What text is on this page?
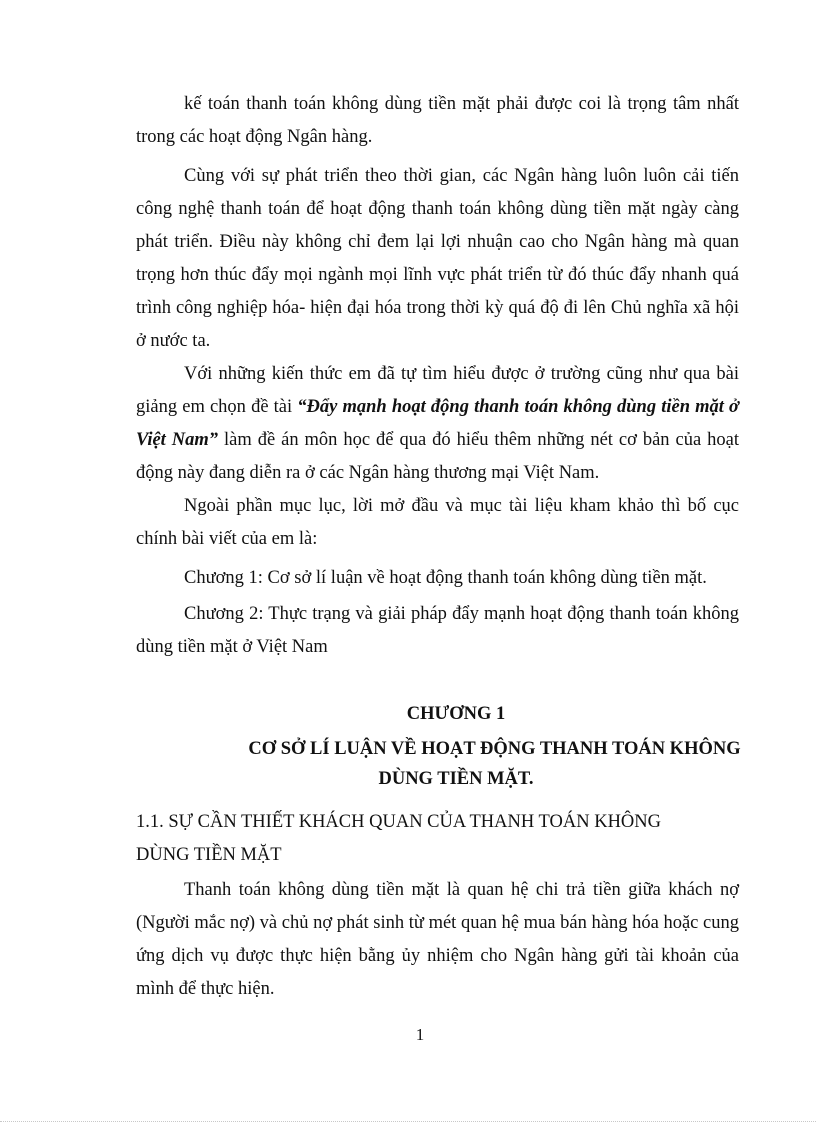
kế toán thanh toán không dùng tiền mặt phải được coi là trọng tâm nhất trong các hoạt động Ngân hàng.

Cùng với sự phát triển theo thời gian, các Ngân hàng luôn luôn cải tiến công nghệ thanh toán để hoạt động thanh toán không dùng tiền mặt ngày càng phát triển. Điều này không chỉ đem lại lợi nhuận cao cho Ngân hàng mà quan trọng hơn thúc đẩy mọi ngành mọi lĩnh vực phát triển từ đó thúc đẩy nhanh quá trình công nghiệp hóa- hiện đại hóa trong thời kỳ quá độ đi lên Chủ nghĩa xã hội ở nước ta.

Với những kiến thức em đã tự tìm hiểu được ở trường cũng như qua bài giảng em chọn đề tài “Đẩy mạnh hoạt động thanh toán không dùng tiền mặt ở Việt Nam” làm đề án môn học để qua đó hiểu thêm những nét cơ bản của hoạt động này đang diễn ra ở các Ngân hàng thương mại Việt Nam.

Ngoài phần mục lục, lời mở đầu và mục tài liệu kham khảo thì bố cục chính bài viết của em là:

Chương 1: Cơ sở lí luận về hoạt động thanh toán không dùng tiền mặt.

Chương 2: Thực trạng và giải pháp đẩy mạnh hoạt động thanh toán không dùng tiền mặt ở Việt Nam

CHƯƠNG 1

CƠ SỞ LÍ LUẬN VỀ HOẠT ĐỘNG THANH TOÁN KHÔNG

DÙNG TIỀN MẶT.

1.1. SỰ CẦN THIẾT KHÁCH QUAN CỦA THANH TOÁN KHÔNG

DÙNG TIỀN MẶT

Thanh toán không dùng tiền mặt là quan hệ chi trả tiền giữa khách nợ (Người mắc nợ) và chủ nợ phát sinh từ mét quan hệ mua bán hàng hóa hoặc cung ứng dịch vụ được thực hiện bằng ủy nhiệm cho Ngân hàng gửi tài khoản của mình để thực hiện.

1
